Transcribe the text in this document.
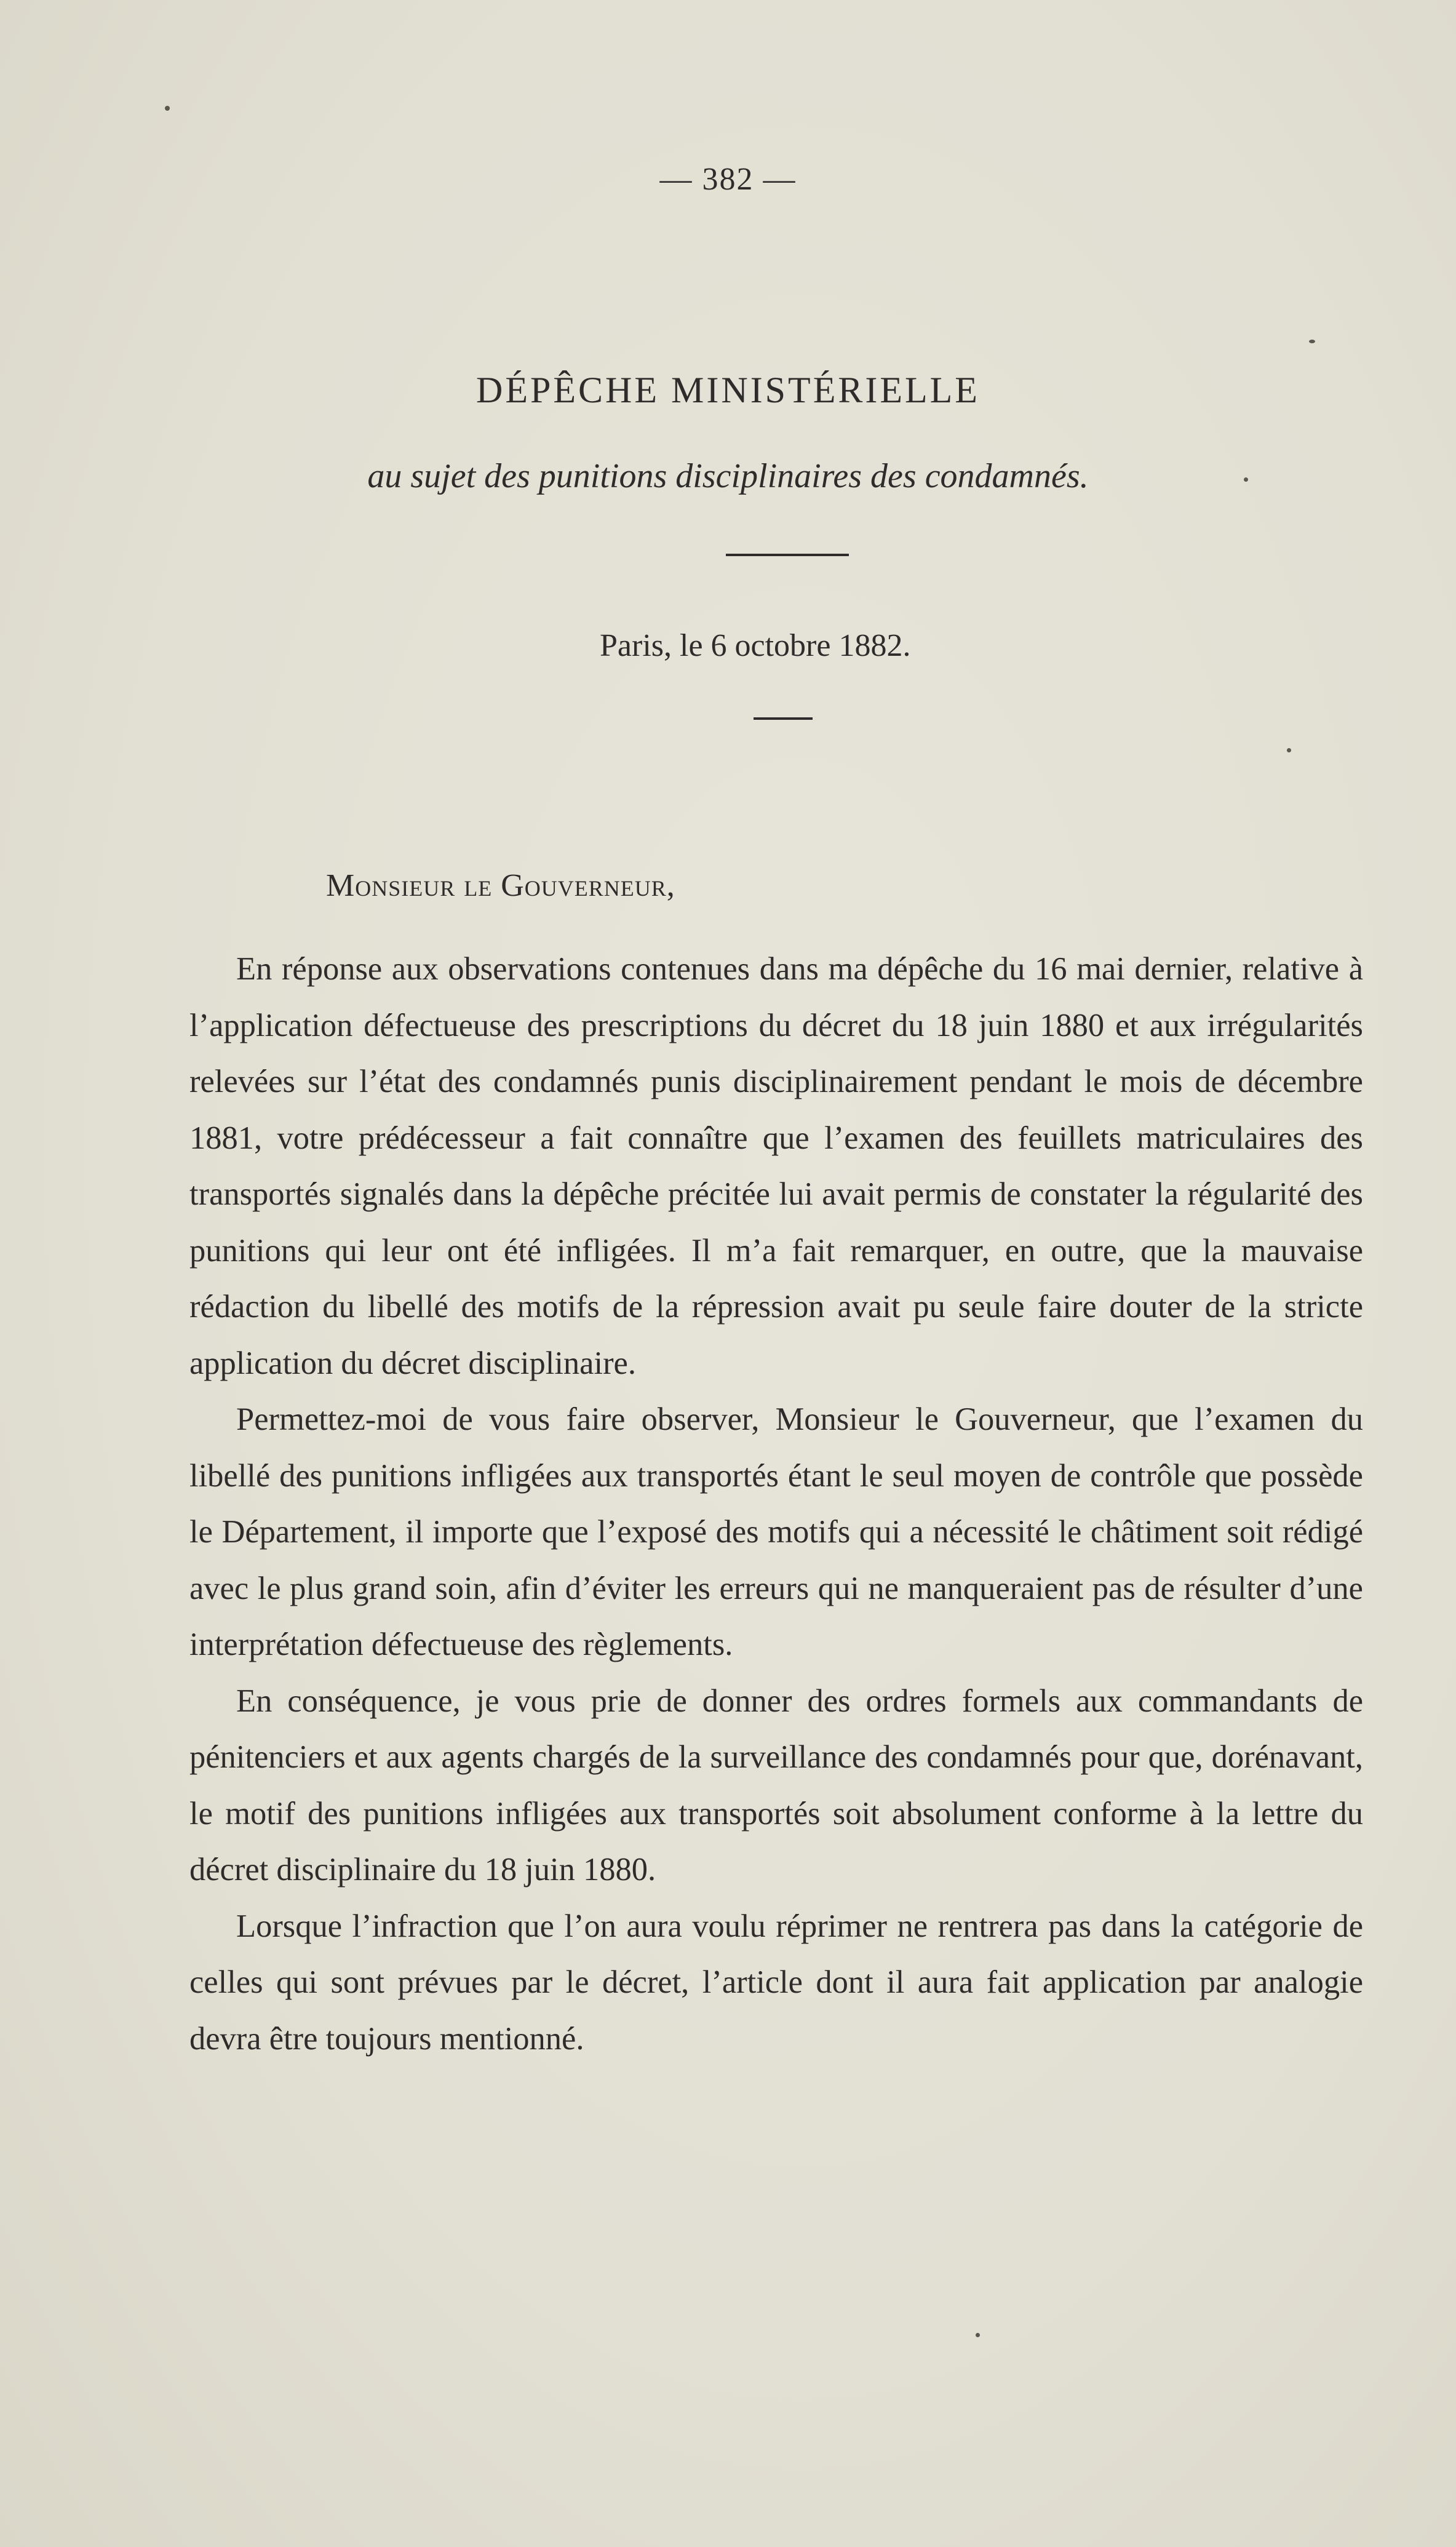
— 382 —
DÉPÊCHE MINISTÉRIELLE
au sujet des punitions disciplinaires des condamnés.
Paris, le 6 octobre 1882.
Monsieur le Gouverneur,

En réponse aux observations contenues dans ma dépêche du 16 mai dernier, relative à l’application défectueuse des prescriptions du décret du 18 juin 1880 et aux irrégularités relevées sur l’état des condamnés punis disciplinairement pendant le mois de décembre 1881, votre prédécesseur a fait connaître que l’examen des feuillets matriculaires des transportés signalés dans la dépêche précitée lui avait permis de constater la régularité des punitions qui leur ont été infligées. Il m’a fait remarquer, en outre, que la mauvaise rédaction du libellé des motifs de la répression avait pu seule faire douter de la stricte application du décret disciplinaire.

Permettez-moi de vous faire observer, Monsieur le Gouverneur, que l’examen du libellé des punitions infligées aux transportés étant le seul moyen de contrôle que possède le Département, il importe que l’exposé des motifs qui a nécessité le châtiment soit rédigé avec le plus grand soin, afin d’éviter les erreurs qui ne manqueraient pas de résulter d’une interprétation défectueuse des règlements.

En conséquence, je vous prie de donner des ordres formels aux commandants de pénitenciers et aux agents chargés de la surveillance des condamnés pour que, dorénavant, le motif des punitions infligées aux transportés soit absolument conforme à la lettre du décret disciplinaire du 18 juin 1880.

Lorsque l’infraction que l’on aura voulu réprimer ne rentrera pas dans la catégorie de celles qui sont prévues par le décret, l’article dont il aura fait application par analogie devra être toujours mentionné.
